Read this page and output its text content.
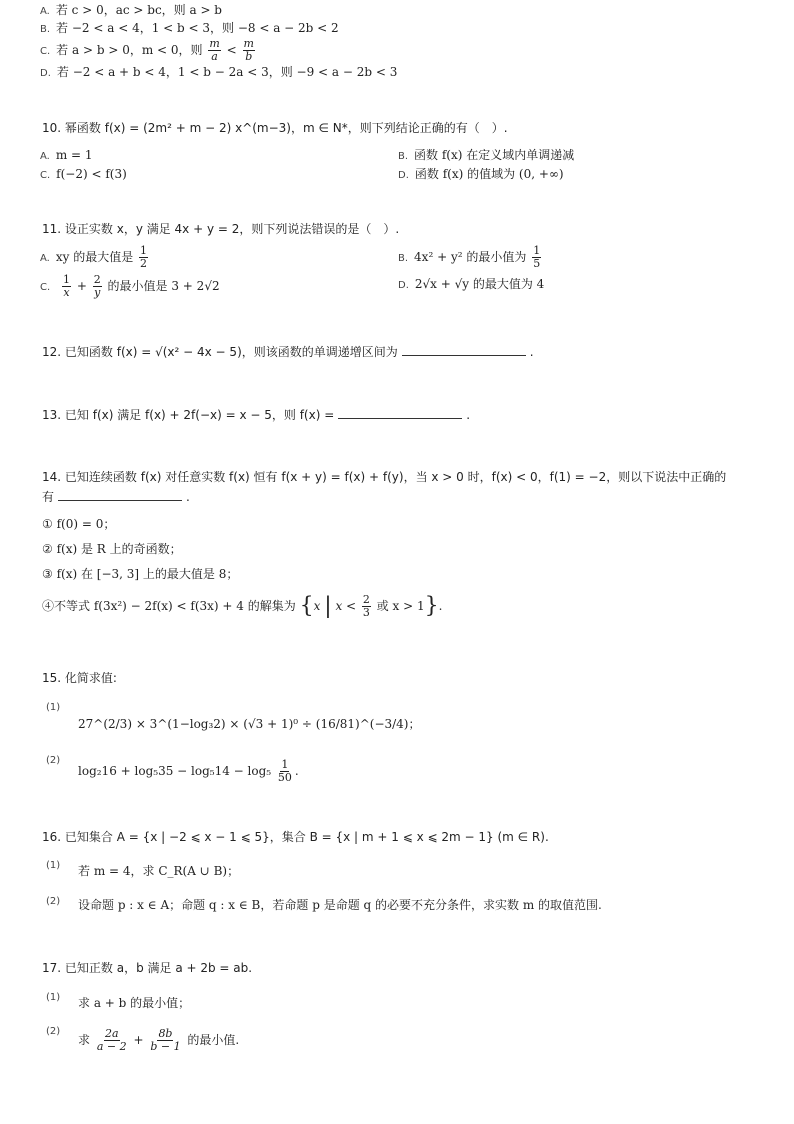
A. 若 c > 0，ac > bc，则 a > b
B. 若 −2 < a < 4，1 < b < 3，则 −8 < a − 2b < 2
C. 若 a > b > 0，m < 0，则 $\frac{m}{a} < \frac{m}{b}$
D. 若 −2 < a + b < 4，1 < b − 2a < 3，则 −9 < a − 2b < 3
10. 幂函数 f(x) = (2m² + m − 2) x^(m−3)，m ∈ N*，则下列结论正确的有（　）.
A. m = 1	B. 函数 f(x) 在定义域内单调递减
C. f(−2) < f(3)	D. 函数 f(x) 的值域为 (0, +∞)
11. 设正实数 x，y 满足 4x + y = 2，则下列说法错误的是（　）.
A. xy 的最大值是 $\frac{1}{2}$	B. 4x² + y² 的最小值为 $\frac{1}{5}$
C. $\frac{1}{x} + \frac{2}{y}$ 的最小值是 3 + 2√2	D. 2√x + √y 的最大值为 4
12. 已知函数 f(x) = √(x² − 4x − 5)，则该函数的单调递增区间为	.
13. 已知 f(x) 满足 f(x) + 2f(−x) = x − 5，则 f(x) =	.
14. 已知连续函数 f(x) 对任意实数 f(x) 恒有 f(x + y) = f(x) + f(y)，当 x > 0 时，f(x) < 0，f(1) = −2，则以下说法中正确的
有	.
① f(0) = 0；
② f(x) 是 R 上的奇函数；
③ f(x) 在 [−3, 3] 上的最大值是 8；
④不等式 f(3x²) − 2f(x) < f(3x) + 4 的解集为 {x | $x < \frac{2}{3}$ 或 x > 1}.
15. 化简求值:
(1)
27^(2/3) × 3^(1−log₃2) × (√3 + 1)⁰ ÷ (16/81)^(−3/4)；
(2)
$\log_216 + \log_535 - \log_514 - \log_5 \frac{1}{50}$ .
16. 已知集合 A = {x | −2 ⩽ x − 1 ⩽ 5}，集合 B = {x | m + 1 ⩽ x ⩽ 2m − 1} (m ∈ R).
(1) 若 m = 4，求 C_R(A ∪ B)；
(2) 设命题 p : x ∈ A；命题 q : x ∈ B，若命题 p 是命题 q 的必要不充分条件，求实数 m 的取值范围.
17. 已知正数 a，b 满足 a + 2b = ab.
(1) 求 a + b 的最小值；
(2)
求 $\frac{2a}{a - 2} + \frac{8b}{b - 1}$ 的最小值.
